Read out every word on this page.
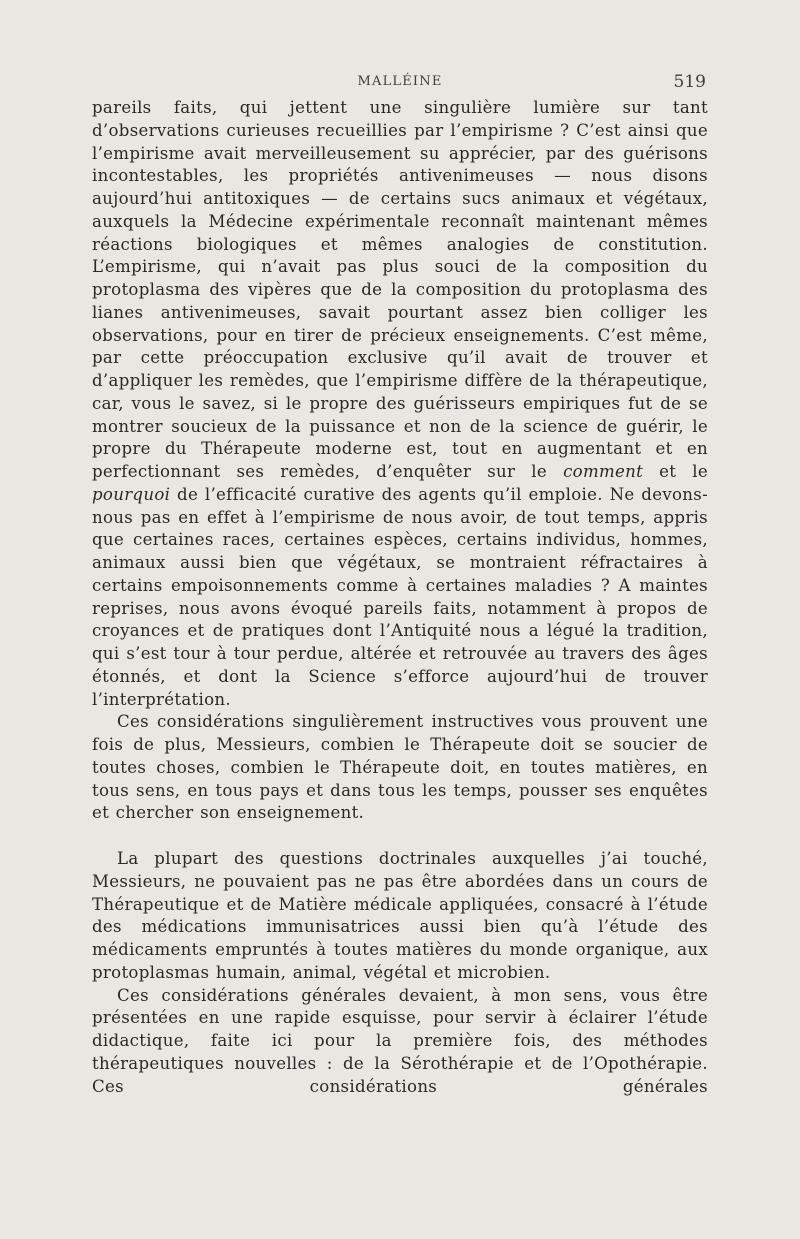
MALLÉINE	519

pareils faits, qui jettent une singulière lumière sur tant d’observations curieuses recueillies par l’empirisme ? C’est ainsi que l’empirisme avait merveilleusement su apprécier, par des guérisons incontestables, les propriétés antivenimeuses — nous disons aujourd’hui antitoxiques — de certains sucs animaux et végétaux, auxquels la Médecine expérimentale reconnaît maintenant mêmes réactions biologiques et mêmes analogies de constitution. L’empirisme, qui n’avait pas plus souci de la composition du protoplasma des vipères que de la composition du protoplasma des lianes antivenimeuses, savait pourtant assez bien colliger les observations, pour en tirer de précieux enseignements. C’est même, par cette préoccupation exclusive qu’il avait de trouver et d’appliquer les remèdes, que l’empirisme diffère de la thérapeutique, car, vous le savez, si le propre des guérisseurs empiriques fut de se montrer soucieux de la puissance et non de la science de guérir, le propre du Thérapeute moderne est, tout en augmentant et en perfectionnant ses remèdes, d’enquêter sur le comment et le pourquoi de l’efficacité curative des agents qu’il emploie. Ne devons-nous pas en effet à l’empirisme de nous avoir, de tout temps, appris que certaines races, certaines espèces, certains individus, hommes, animaux aussi bien que végétaux, se montraient réfractaires à certains empoisonnements comme à certaines maladies ? A maintes reprises, nous avons évoqué pareils faits, notamment à propos de croyances et de pratiques dont l’Antiquité nous a légué la tradition, qui s’est tour à tour perdue, altérée et retrouvée au travers des âges étonnés, et dont la Science s’efforce aujourd’hui de trouver l’interprétation.

Ces considérations singulièrement instructives vous prouvent une fois de plus, Messieurs, combien le Thérapeute doit se soucier de toutes choses, combien le Thérapeute doit, en toutes matières, en tous sens, en tous pays et dans tous les temps, pousser ses enquêtes et chercher son enseignement.

La plupart des questions doctrinales auxquelles j’ai touché, Messieurs, ne pouvaient pas ne pas être abordées dans un cours de Thérapeutique et de Matière médicale appliquées, consacré à l’étude des médications immunisatrices aussi bien qu’à l’étude des médicaments empruntés à toutes matières du monde organique, aux protoplasmas humain, animal, végétal et microbien.

Ces considérations générales devaient, à mon sens, vous être présentées en une rapide esquisse, pour servir à éclairer l’étude didactique, faite ici pour la première fois, des méthodes thérapeutiques nouvelles : de la Sérothérapie et de l’Opothérapie. Ces considérations générales
